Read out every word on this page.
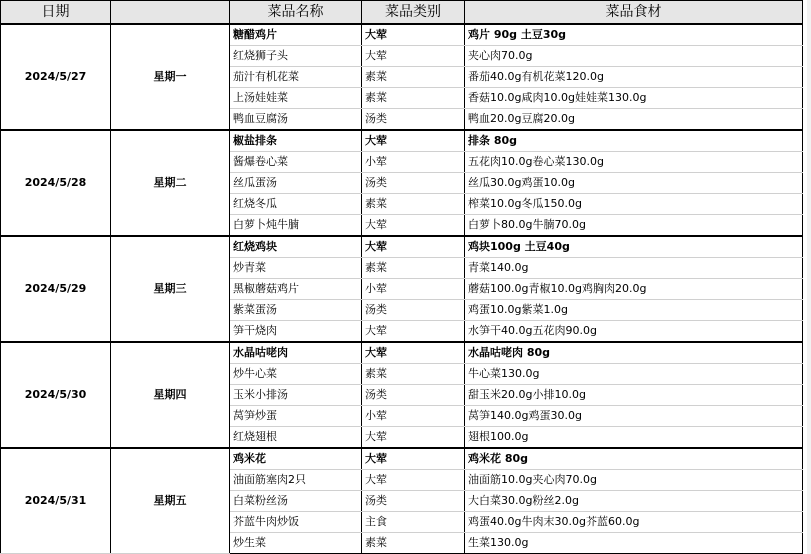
日期		菜品名称	菜品类别	菜品食材
2024/5/27	星期一	糖醋鸡片	大荤	鸡片 90g 土豆30g
		红烧狮子头	大荤	夹心肉70.0g
		茄汁有机花菜	素菜	番茄40.0g有机花菜120.0g
		上汤娃娃菜	素菜	香菇10.0g咸肉10.0g娃娃菜130.0g
		鸭血豆腐汤	汤类	鸭血20.0g豆腐20.0g
2024/5/28	星期二	椒盐排条	大荤	排条 80g
		酱爆卷心菜	小荤	五花肉10.0g卷心菜130.0g
		丝瓜蛋汤	汤类	丝瓜30.0g鸡蛋10.0g
		红烧冬瓜	素菜	榨菜10.0g冬瓜150.0g
		白萝卜炖牛腩	大荤	白萝卜80.0g牛腩70.0g
2024/5/29	星期三	红烧鸡块	大荤	鸡块100g 土豆40g
		炒青菜	素菜	青菜140.0g
		黑椒蘑菇鸡片	小荤	蘑菇100.0g青椒10.0g鸡胸肉20.0g
		紫菜蛋汤	汤类	鸡蛋10.0g紫菜1.0g
		笋干烧肉	大荤	水笋干40.0g五花肉90.0g
2024/5/30	星期四	水晶咕咾肉	大荤	水晶咕咾肉 80g
		炒牛心菜	素菜	牛心菜130.0g
		玉米小排汤	汤类	甜玉米20.0g小排10.0g
		莴笋炒蛋	小荤	莴笋140.0g鸡蛋30.0g
		红烧翅根	大荤	翅根100.0g
2024/5/31	星期五	鸡米花	大荤	鸡米花 80g
		油面筋塞肉2只	大荤	油面筋10.0g夹心肉70.0g
		白菜粉丝汤	汤类	大白菜30.0g粉丝2.0g
		芥蓝牛肉炒饭	主食	鸡蛋40.0g牛肉末30.0g芥蓝60.0g
		炒生菜	素菜	生菜130.0g
